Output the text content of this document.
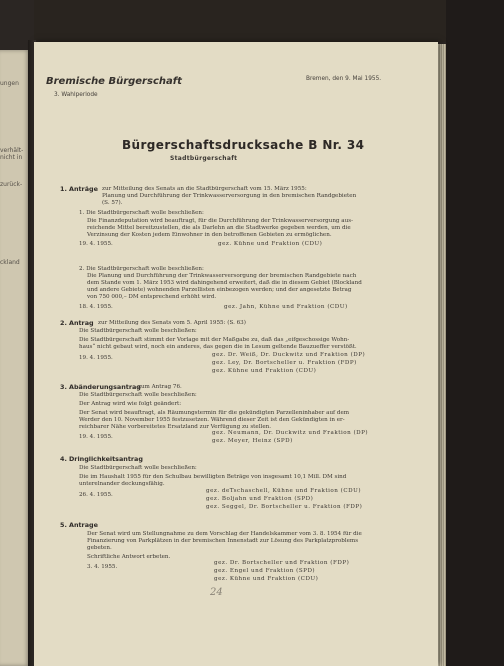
ungen
verhält-
nicht in
zurück-
ckland
Bremische Bürgerschaft
3. Wahlperiode
Bremen, den 9. Mai 1955.
Bürgerschaftsdrucksache B Nr. 34
Stadtbürgerschaft
1. Anträge zur Mitteilung des Senats an die Stadtbürgerschaft vom 15. März 1955:
Planung und Durchführung der Trinkwasserversorgung in den bremischen Randgebieten
(S. 57).
1. Die Stadtbürgerschaft wolle beschließen:
Die Finanzdeputation wird beauftragt, für die Durchführung der Trinkwasserversorgung aus-
reichende Mittel bereitzustellen, die als Darlehn an die Stadtwerke gegeben werden, um die
Verzinsung der Kosten jedem Einwohner in den betroffenen Gebieten zu ermöglichen.
19. 4. 1955.	gez. Kühne und Fraktion (CDU)
2. Die Stadtbürgerschaft wolle beschließen:
Die Planung und Durchführung der Trinkwasserversorgung der bremischen Randgebiete nach
dem Stande vom 1. März 1953 wird dahingehend erweitert, daß die in diesem Gebiet (Blockland
und andere Gebiete) wohnenden Parzellisten einbezogen werden; und der angesetzte Betrag
von 750 000,– DM entsprechend erhöht wird.
18. 4. 1955.	gez. Jahn, Kühne und Fraktion (CDU)
2. Antrag zur Mitteilung des Senats vom 5. April 1955: (S. 63)
Die Stadtbürgerschaft wolle beschließen:
Die Stadtbürgerschaft stimmt der Vorlage mit der Maßgabe zu, daß das „eifgeschossige Wohn-
haus“ nicht gebaut wird, noch ein anderes, das gegen die in Lesum geltende Bauzueffer verstößt.
19. 4. 1955.	gez. Dr. Weiß, Dr. Duckwitz und Fraktion (DP)
gez. Ley, Dr. Bortscheller u. Fraktion (FDP)
gez. Kühne und Fraktion (CDU)
3. Abänderungsantrag
zum Antrag 76.
Die Stadtbürgerschaft wolle beschließen:
Der Antrag wird wie folgt geändert:
Der Senat wird beauftragt, als Räumungstermin für die gekündigten Parzelleninhaber auf dem
Werder den 10. November 1955 festzusetzen. Während dieser Zeit ist den Gekündigten in er-
reichbarer Nähe vorbereitetes Ersatzland zur Verfügung zu stellen.
19. 4. 1955.
gez. Neumann, Dr. Duckwitz und Fraktion (DP)
gez. Meyer, Heinz (SPD)
4. Dringlichkeitsantrag
Die Stadtbürgerschaft wolle beschließen:
Die im Haushalt 1955 für den Schulbau bewilligten Beträge von insgesamt 10,1 Mill. DM sind
unterelnander deckungsfähig.
26. 4. 1955.
gez. deTschaschell, Kühne und Fraktion (CDU)
gez. Boljahn und Fraktion (SPD)
gez. Seggel, Dr. Bortscheller u. Fraktion (FDP)
5. Antrage
Der Senat wird um Stellungnahme zu dem Vorschlag der Handelskammer vom 3. 8. 1954 für die
Finanzierung von Parkplätzen in der bremischen Innenstadt zur Lösung des Parkplatzproblems
gebeten.
Schriftliche Antwort erbeten.
3. 4. 1955.
gez. Dr. Bortscheller und Fraktion (FDP)
gez. Engel und Fraktion (SPD)
gez. Kühne und Fraktion (CDU)
24
